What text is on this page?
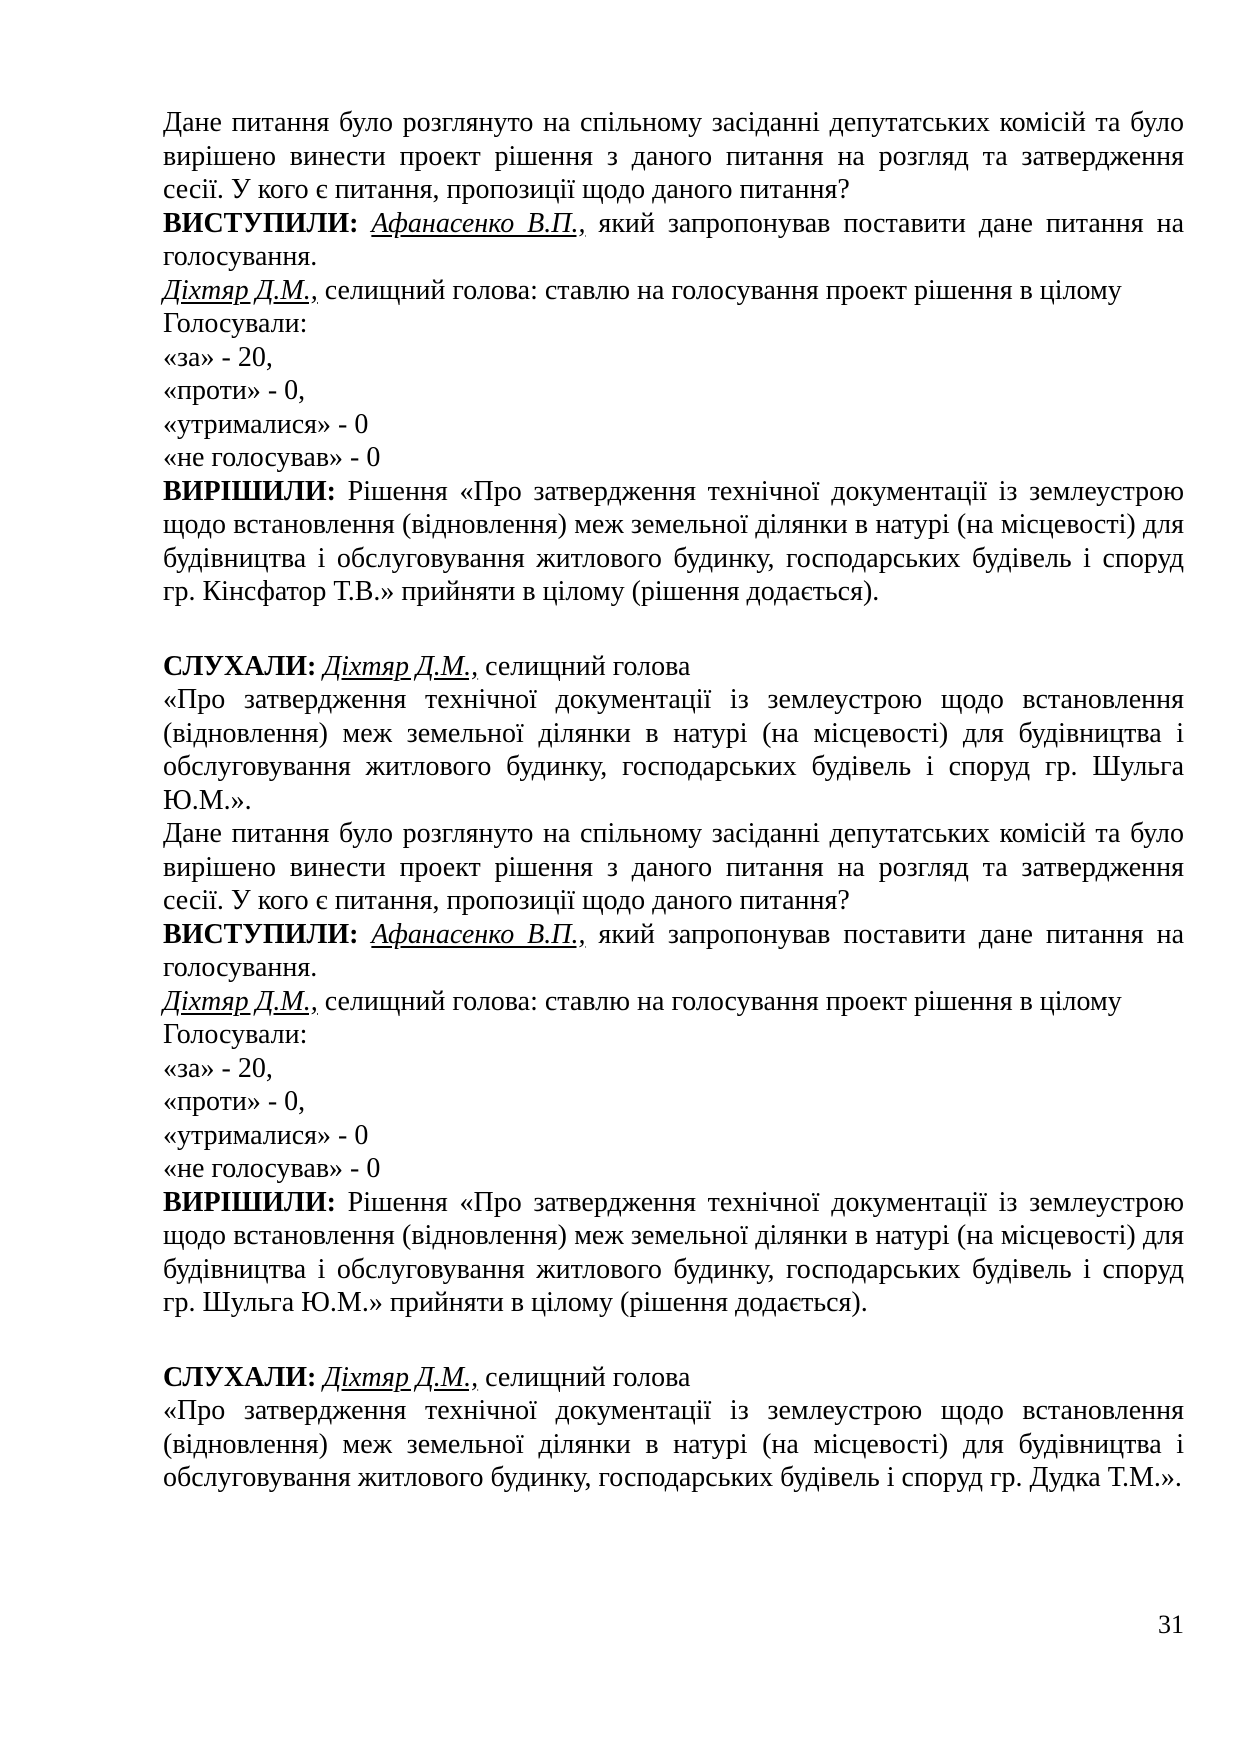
Дане питання було розглянуто на спільному засіданні депутатських комісій та було вирішено винести проект рішення з даного питання на розгляд та затвердження сесії. У кого є питання, пропозиції щодо даного питання?

ВИСТУПИЛИ: Афанасенко В.П., який запропонував поставити дане питання на голосування.

Діхтяр Д.М., селищний голова: ставлю на голосування проект рішення в цілому

Голосували:

«за» - 20,

«проти» - 0,

«утрималися» - 0

«не голосував» - 0

ВИРІШИЛИ: Рішення «Про затвердження технічної документації із землеустрою щодо встановлення (відновлення) меж земельної ділянки в натурі (на місцевості) для будівництва і обслуговування житлового будинку, господарських будівель і споруд гр. Кінсфатор Т.В.» прийняти в цілому (рішення додається).

СЛУХАЛИ: Діхтяр Д.М., селищний голова

«Про затвердження технічної документації із землеустрою щодо встановлення (відновлення) меж земельної ділянки в натурі (на місцевості) для будівництва і обслуговування житлового будинку, господарських будівель і споруд гр. Шульга Ю.М.».

Дане питання було розглянуто на спільному засіданні депутатських комісій та було вирішено винести проект рішення з даного питання на розгляд та затвердження сесії. У кого є питання, пропозиції щодо даного питання?

ВИСТУПИЛИ: Афанасенко В.П., який запропонував поставити дане питання на голосування.

Діхтяр Д.М., селищний голова: ставлю на голосування проект рішення в цілому

Голосували:

«за» - 20,

«проти» - 0,

«утрималися» - 0

«не голосував» - 0

ВИРІШИЛИ: Рішення «Про затвердження технічної документації із землеустрою щодо встановлення (відновлення) меж земельної ділянки в натурі (на місцевості) для будівництва і обслуговування житлового будинку, господарських будівель і споруд гр. Шульга Ю.М.» прийняти в цілому (рішення додається).

СЛУХАЛИ: Діхтяр Д.М., селищний голова

«Про затвердження технічної документації із землеустрою щодо встановлення (відновлення) меж земельної ділянки в натурі (на місцевості) для будівництва і обслуговування житлового будинку, господарських будівель і споруд гр. Дудка Т.М.».

31
